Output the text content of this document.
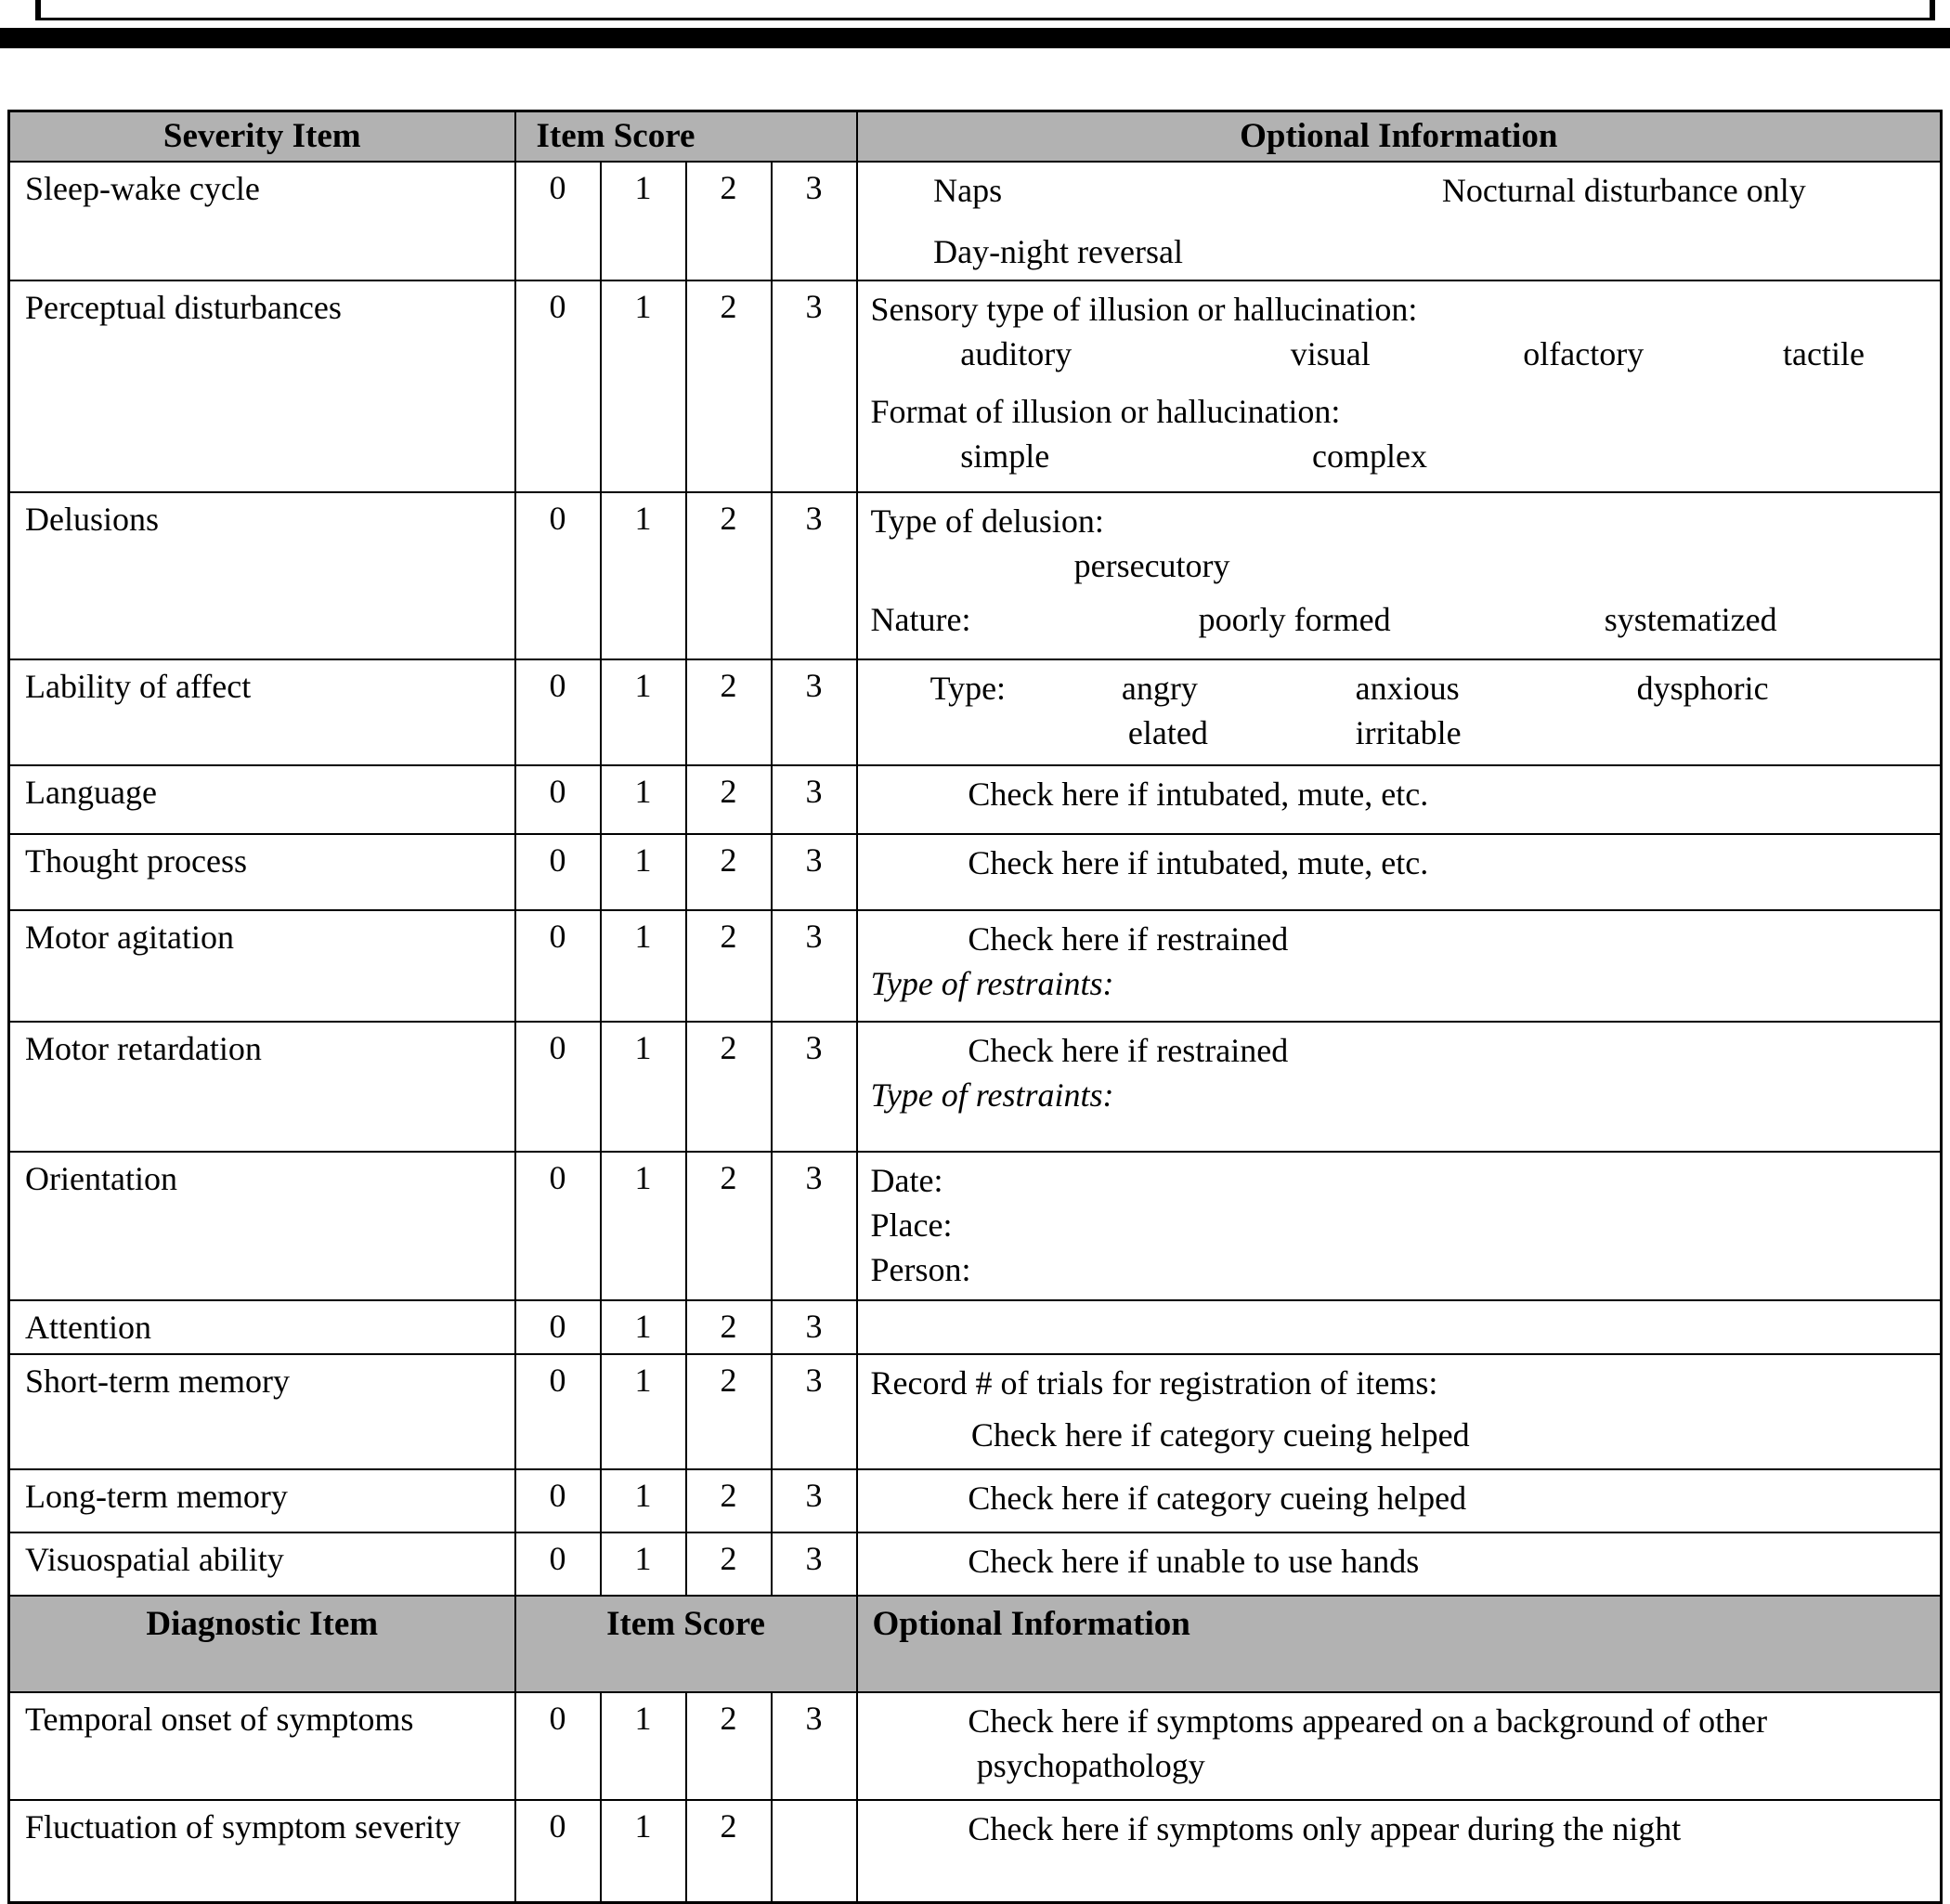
Severity Item	Item Score				Optional Information
Sleep-wake cycle	0	1	2	3	Naps Nocturnal disturbance only
Day-night reversal

Perceptual disturbances	0	1	2	3	Sensory type of illusion or hallucination:
auditory	visual	olfactory	tactile
Format of illusion or hallucination:
simple	complex

Delusions	0	1	2	3	Type of delusion:
persecutory
Nature: poorly formed systematized

Lability of affect	0	1	2	3	Type:	angry	anxious	dysphoric
elated	irritable

Language	0	1	2	3	Check here if intubated, mute, etc.

Thought process	0	1	2	3	Check here if intubated, mute, etc.

Motor agitation	0	1	2	3	Check here if restrained
Type of restraints:

Motor retardation	0	1	2	3	Check here if restrained
Type of restraints:

Orientation	0	1	2	3	Date:
Place:
Person:

Attention	0	1	2	3	
Short-term memory	0	1	2	3	Record # of trials for registration of items:
Check here if category cueing helped

Long-term memory	0	1	2	3	Check here if category cueing helped

Visuospatial ability	0	1	2	3	Check here if unable to use hands

Diagnostic Item	Item Score				Optional Information
Temporal onset of symptoms	0	1	2	3	Check here if symptoms appeared on a background of other
psychopathology

Fluctuation of symptom severity	0	1	2		Check here if symptoms only appear during the night
